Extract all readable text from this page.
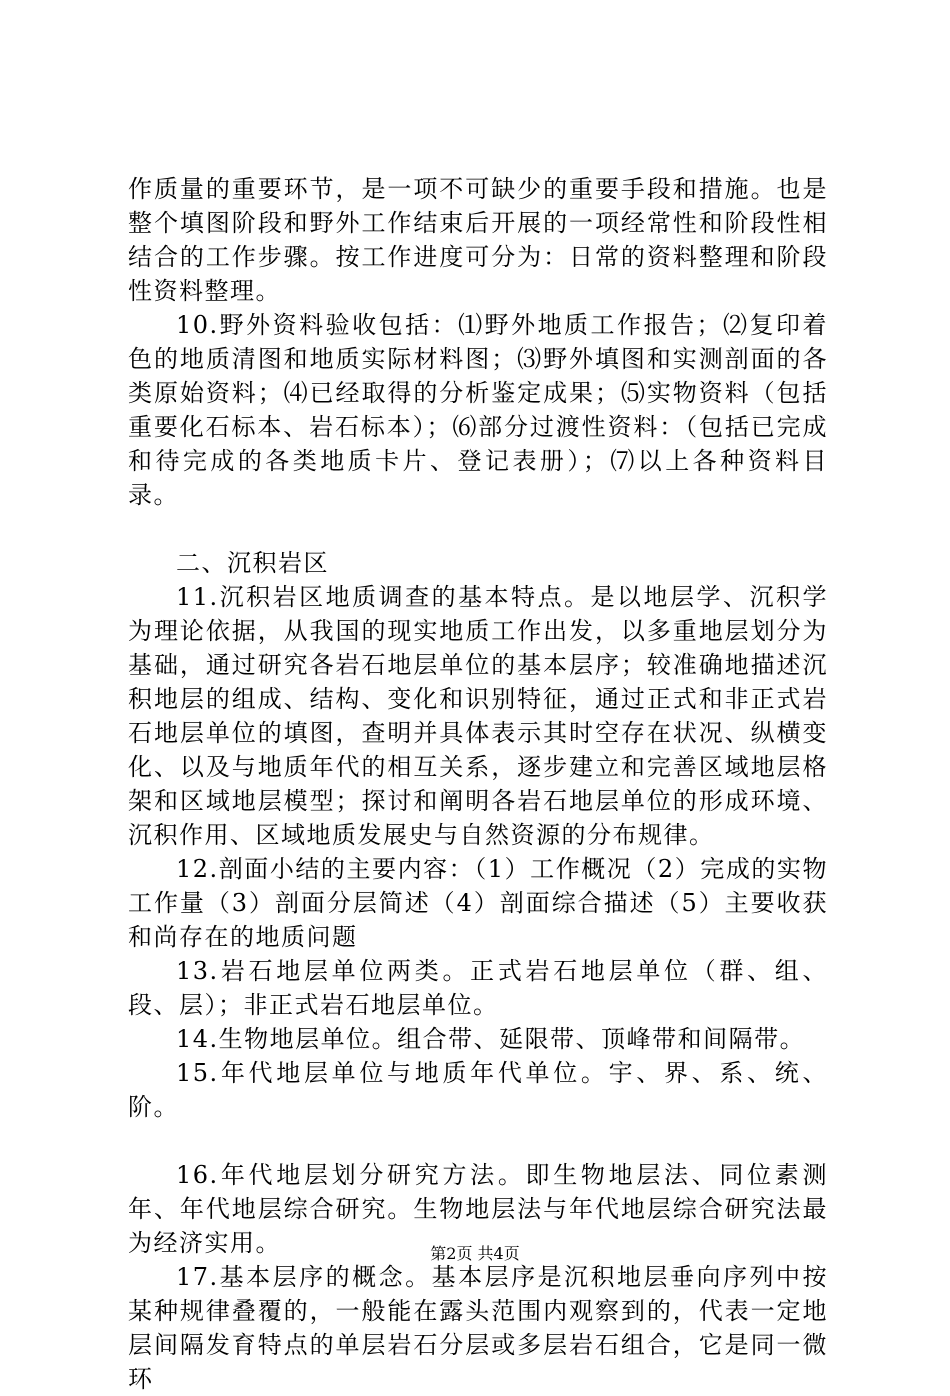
作质量的重要环节，是一项不可缺少的重要手段和措施。也是整个填图阶段和野外工作结束后开展的一项经常性和阶段性相结合的工作步骤。按工作进度可分为：日常的资料整理和阶段性资料整理。

10.野外资料验收包括：⑴野外地质工作报告；⑵复印着色的地质清图和地质实际材料图；⑶野外填图和实测剖面的各类原始资料；⑷已经取得的分析鉴定成果；⑸实物资料（包括重要化石标本、岩石标本）；⑹部分过渡性资料：（包括已完成和待完成的各类地质卡片、登记表册）；⑺以上各种资料目录。

二、沉积岩区

11.沉积岩区地质调查的基本特点。是以地层学、沉积学为理论依据，从我国的现实地质工作出发，以多重地层划分为基础，通过研究各岩石地层单位的基本层序；较准确地描述沉积地层的组成、结构、变化和识别特征，通过正式和非正式岩石地层单位的填图，查明并具体表示其时空存在状况、纵横变化、以及与地质年代的相互关系，逐步建立和完善区域地层格架和区域地层模型；探讨和阐明各岩石地层单位的形成环境、沉积作用、区域地质发展史与自然资源的分布规律。

12.剖面小结的主要内容：（1）工作概况（2）完成的实物工作量（3）剖面分层简述（4）剖面综合描述（5）主要收获和尚存在的地质问题

13.岩石地层单位两类。正式岩石地层单位（群、组、段、层）；非正式岩石地层单位。

14.生物地层单位。组合带、延限带、顶峰带和间隔带。

15.年代地层单位与地质年代单位。宇、界、系、统、阶。

16.年代地层划分研究方法。即生物地层法、同位素测年、年代地层综合研究。生物地层法与年代地层综合研究法最为经济实用。

17.基本层序的概念。基本层序是沉积地层垂向序列中按某种规律叠覆的，一般能在露头范围内观察到的，代表一定地层间隔发育特点的单层岩石分层或多层岩石组合，它是同一微环

第2页 共4页
